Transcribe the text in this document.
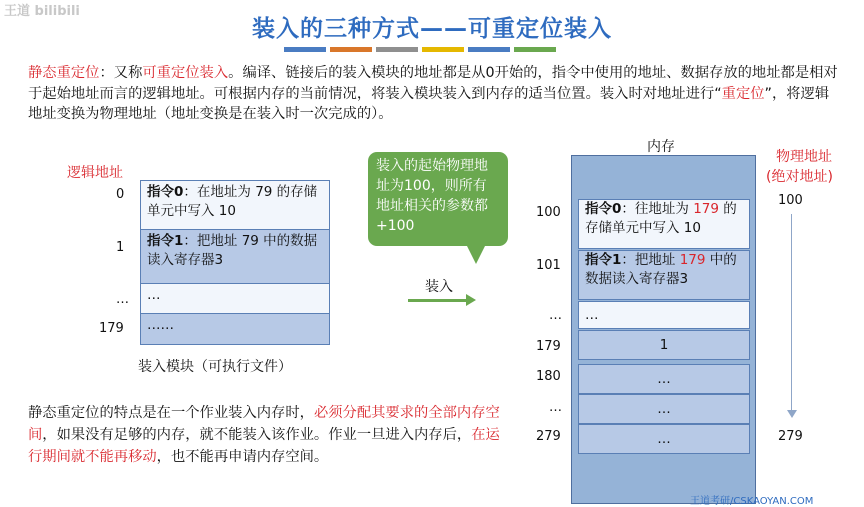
王道 bilibili
装入的三种方式——可重定位装入
静态重定位：又称可重定位装入。编译、链接后的装入模块的地址都是从0开始的，指令中使用的地址、数据存放的地址都是相对于起始地址而言的逻辑地址。可根据内存的当前情况，将装入模块装入到内存的适当位置。装入时对地址进行“重定位”，将逻辑地址变换为物理地址（地址变换是在装入时一次完成的）。
逻辑地址
0
1
…
179
指令0：在地址为 79 的存储单元中写入 10
指令1：把地址 79 中的数据读入寄存器3
…
……
装入模块（可执行文件）
装入的起始物理地址为100，则所有地址相关的参数都 +100
装入
内存
物理地址
(绝对地址)
100
279
100
101
…
179
180
…
279
指令0：往地址为 179 的存储单元中写入 10
指令1：把地址 179 中的数据读入寄存器3
…
1
…
…
…
静态重定位的特点是在一个作业装入内存时，必须分配其要求的全部内存空间，如果没有足够的内存，就不能装入该作业。作业一旦进入内存后，在运行期间就不能再移动，也不能再申请内存空间。
王道考研/CSKAOYAN.COM
